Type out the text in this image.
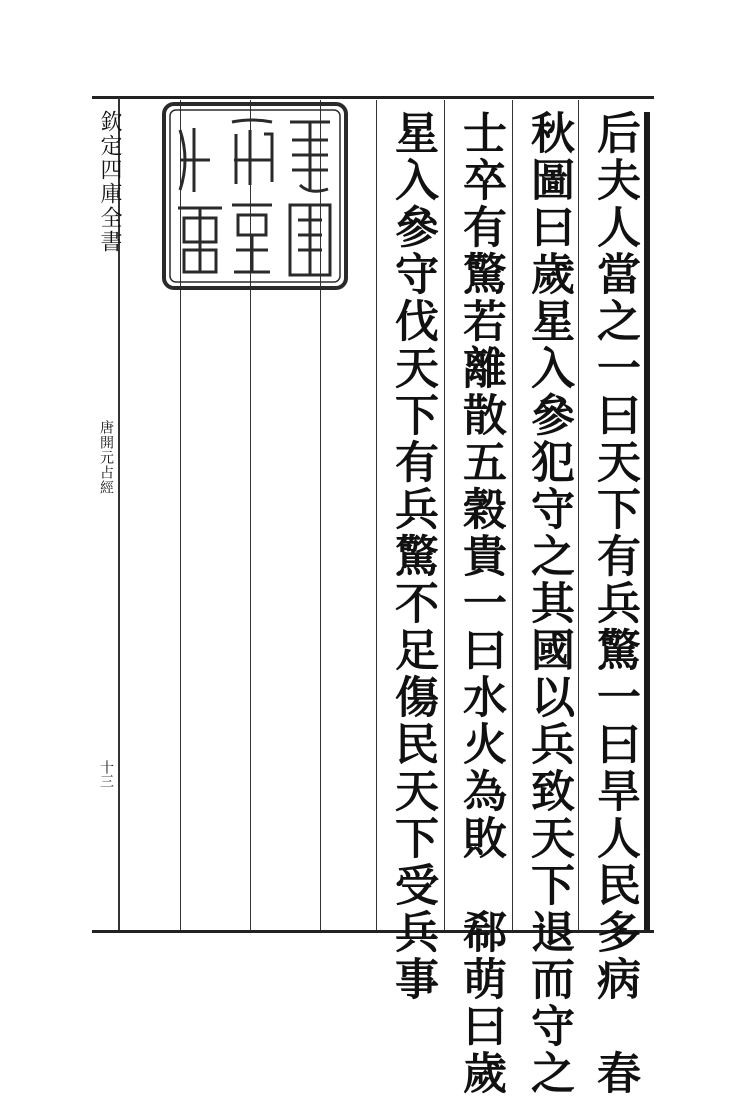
欽定四庫全書
唐開元占經
十三	后夫人當之一曰天下有兵驚一曰旱人民多病　春
秋圖曰歲星入參犯守之其國以兵致天下退而守之
士卒有驚若離散五穀貴一曰水火為敗　郗萌曰歲
星入參守伐天下有兵驚不足傷民天下受兵事
